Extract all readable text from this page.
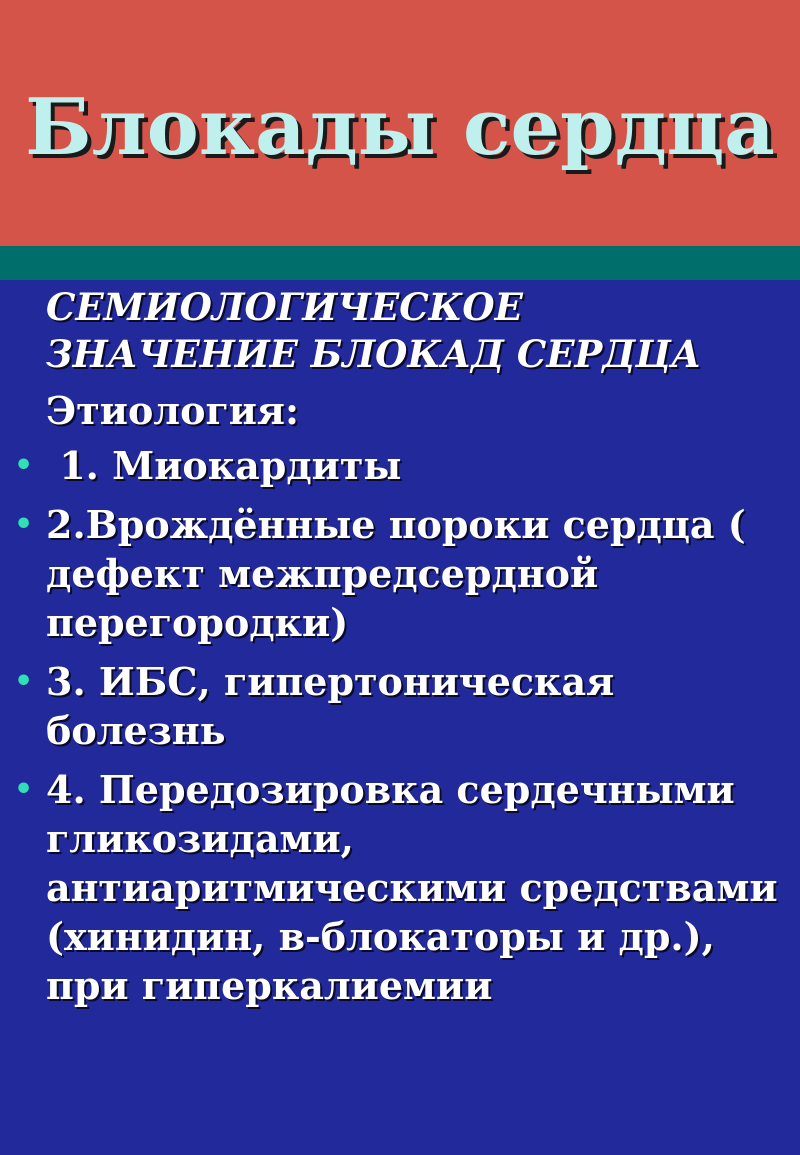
Блокады сердца

СЕМИОЛОГИЧЕСКОЕ ЗНАЧЕНИЕ БЛОКАД СЕРДЦА

Этиология:

• 1. Миокардиты
• 2.Врождённые пороки сердца ( дефект межпредсердной перегородки)
• 3. ИБС, гипертоническая болезнь
• 4. Передозировка сердечными гликозидами, антиаритмическими средствами (хинидин, в-блокаторы и др.), при гиперкалиемии
